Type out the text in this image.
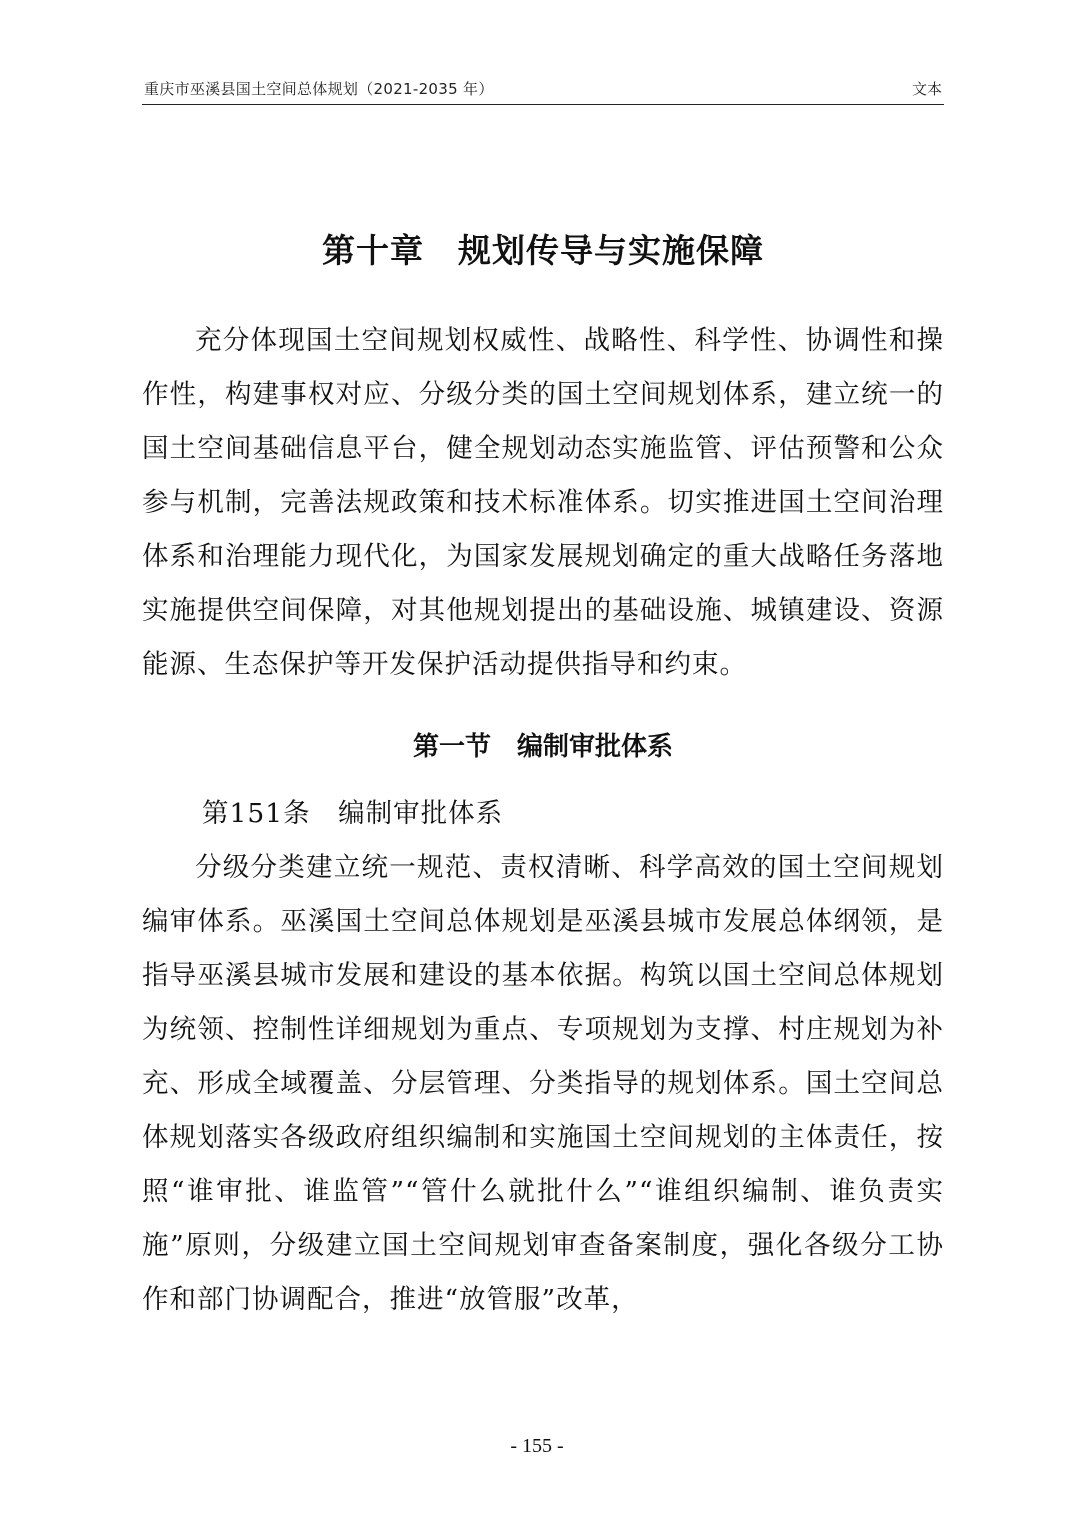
重庆市巫溪县国土空间总体规划（2021-2035 年）	文本
第十章　规划传导与实施保障

充分体现国土空间规划权威性、战略性、科学性、协调性和操作性，构建事权对应、分级分类的国土空间规划体系，建立统一的国土空间基础信息平台，健全规划动态实施监管、评估预警和公众参与机制，完善法规政策和技术标准体系。切实推进国土空间治理体系和治理能力现代化，为国家发展规划确定的重大战略任务落地实施提供空间保障，对其他规划提出的基础设施、城镇建设、资源能源、生态保护等开发保护活动提供指导和约束。

第一节　编制审批体系
第151条　编制审批体系

分级分类建立统一规范、责权清晰、科学高效的国土空间规划编审体系。巫溪国土空间总体规划是巫溪县城市发展总体纲领，是指导巫溪县城市发展和建设的基本依据。构筑以国土空间总体规划为统领、控制性详细规划为重点、专项规划为支撑、村庄规划为补充、形成全域覆盖、分层管理、分类指导的规划体系。国土空间总体规划落实各级政府组织编制和实施国土空间规划的主体责任，按照“谁审批、谁监管”“管什么就批什么”“谁组织编制、谁负责实施”原则，分级建立国土空间规划审查备案制度，强化各级分工协作和部门协调配合，推进“放管服”改革，

- 155 -
